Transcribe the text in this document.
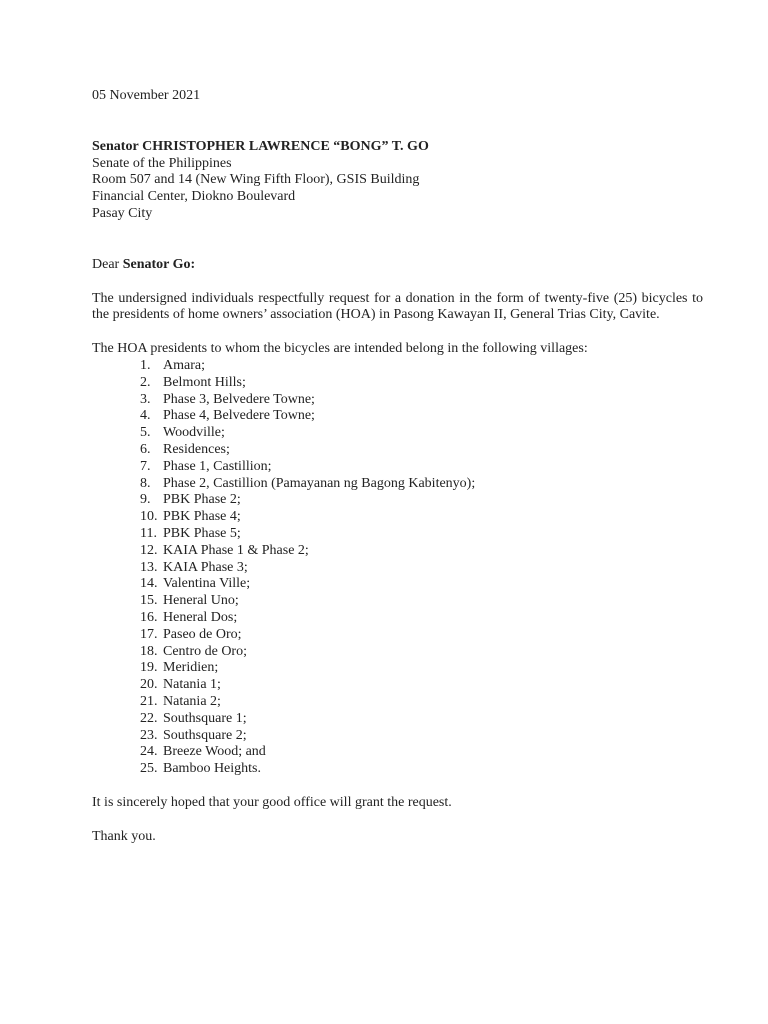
05 November 2021
Senator CHRISTOPHER LAWRENCE “BONG” T. GO
Senate of the Philippines
Room 507 and 14 (New Wing Fifth Floor), GSIS Building
Financial Center, Diokno Boulevard
Pasay City
Dear Senator Go:
The undersigned individuals respectfully request for a donation in the form of twenty-five (25) bicycles to the presidents of home owners’ association (HOA) in Pasong Kawayan II, General Trias City, Cavite.
The HOA presidents to whom the bicycles are intended belong in the following villages:
1. Amara;
2. Belmont Hills;
3. Phase 3, Belvedere Towne;
4. Phase 4, Belvedere Towne;
5. Woodville;
6. Residences;
7. Phase 1, Castillion;
8. Phase 2, Castillion (Pamayanan ng Bagong Kabitenyo);
9. PBK Phase 2;
10. PBK Phase 4;
11. PBK Phase 5;
12. KAIA Phase 1 & Phase 2;
13. KAIA Phase 3;
14. Valentina Ville;
15. Heneral Uno;
16. Heneral Dos;
17. Paseo de Oro;
18. Centro de Oro;
19. Meridien;
20. Natania 1;
21. Natania 2;
22. Southsquare 1;
23. Southsquare 2;
24. Breeze Wood; and
25. Bamboo Heights.
It is sincerely hoped that your good office will grant the request.
Thank you.
